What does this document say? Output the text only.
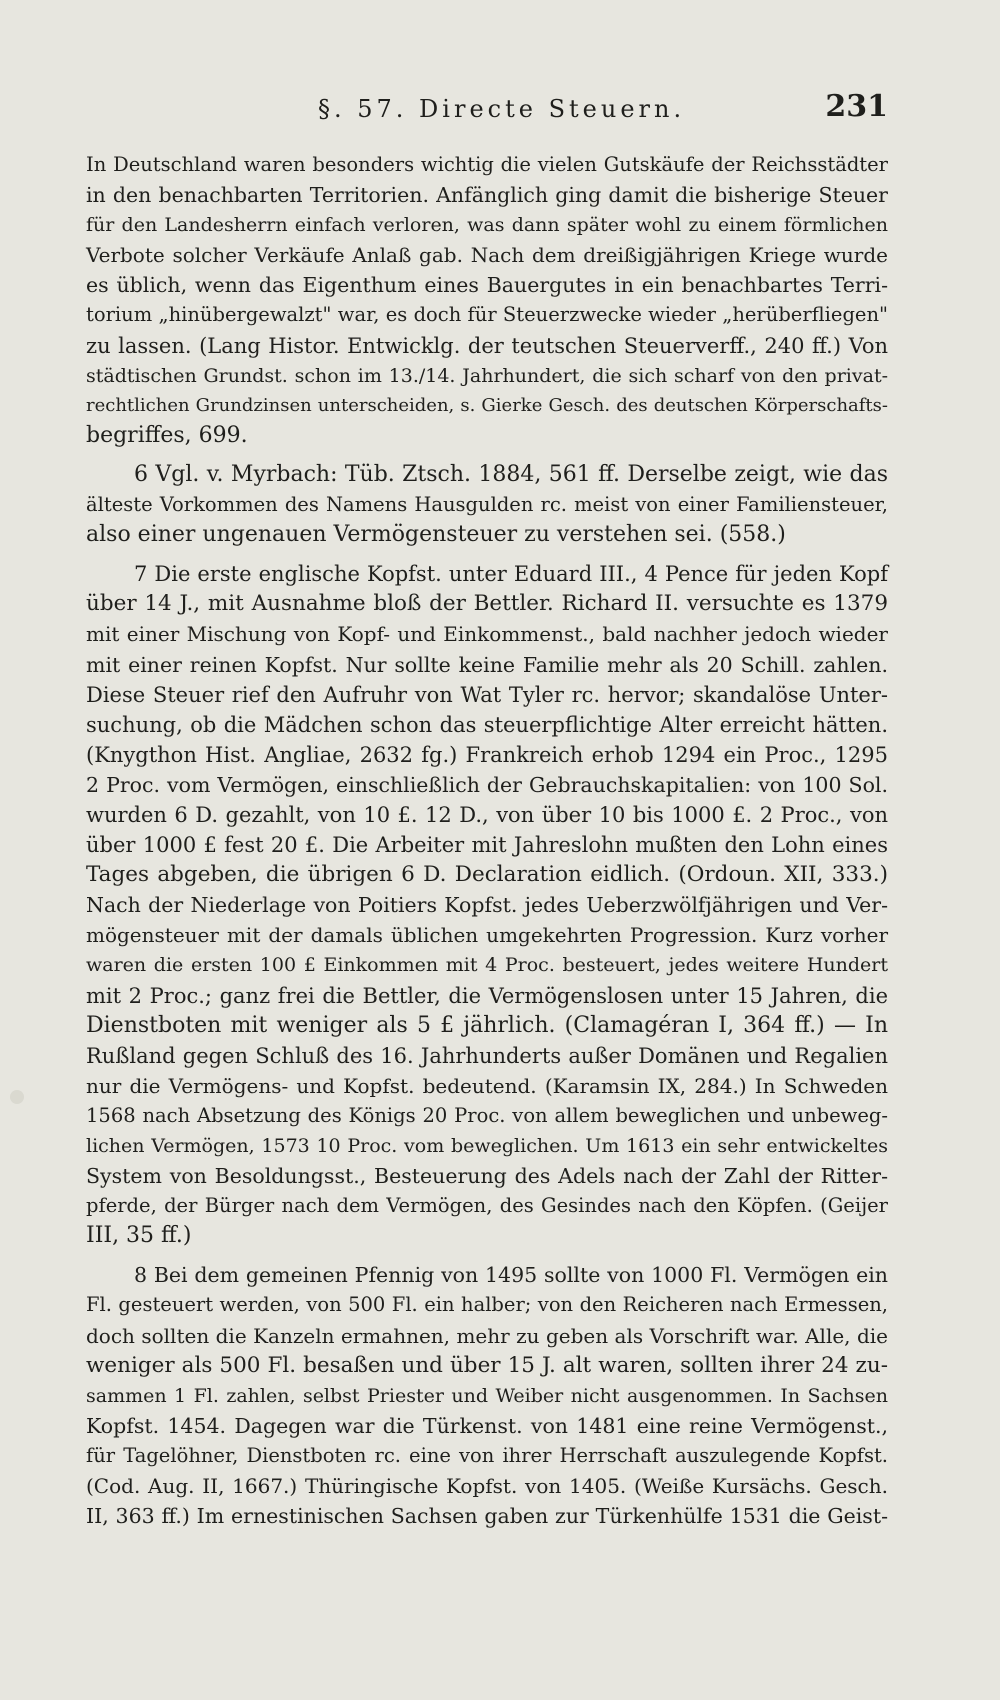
§. 57. Directe Steuern.	231
In Deutschland waren besonders wichtig die vielen Gutskäufe der Reichsstädter
in den benachbarten Territorien. Anfänglich ging damit die bisherige Steuer
für den Landesherrn einfach verloren, was dann später wohl zu einem förmlichen
Verbote solcher Verkäufe Anlaß gab. Nach dem dreißigjährigen Kriege wurde
es üblich, wenn das Eigenthum eines Bauergutes in ein benachbartes Terri-
torium „hinübergewalzt" war, es doch für Steuerzwecke wieder „herüberfliegen"
zu lassen. (Lang Histor. Entwicklg. der teutschen Steuerverff., 240 ff.) Von
städtischen Grundst. schon im 13./14. Jahrhundert, die sich scharf von den privat-
rechtlichen Grundzinsen unterscheiden, s. Gierke Gesch. des deutschen Körperschafts-
begriffes, 699.
6 Vgl. v. Myrbach: Tüb. Ztsch. 1884, 561 ff. Derselbe zeigt, wie das
älteste Vorkommen des Namens Hausgulden rc. meist von einer Familiensteuer,
also einer ungenauen Vermögensteuer zu verstehen sei. (558.)
7 Die erste englische Kopfst. unter Eduard III., 4 Pence für jeden Kopf
über 14 J., mit Ausnahme bloß der Bettler. Richard II. versuchte es 1379
mit einer Mischung von Kopf- und Einkommenst., bald nachher jedoch wieder
mit einer reinen Kopfst. Nur sollte keine Familie mehr als 20 Schill. zahlen.
Diese Steuer rief den Aufruhr von Wat Tyler rc. hervor; skandalöse Unter-
suchung, ob die Mädchen schon das steuerpflichtige Alter erreicht hätten.
(Knygthon Hist. Angliae, 2632 fg.) Frankreich erhob 1294 ein Proc., 1295
2 Proc. vom Vermögen, einschließlich der Gebrauchskapitalien: von 100 Sol.
wurden 6 D. gezahlt, von 10 £. 12 D., von über 10 bis 1000 £. 2 Proc., von
über 1000 £ fest 20 £. Die Arbeiter mit Jahreslohn mußten den Lohn eines
Tages abgeben, die übrigen 6 D. Declaration eidlich. (Ordoun. XII, 333.)
Nach der Niederlage von Poitiers Kopfst. jedes Ueberzwölfjährigen und Ver-
mögensteuer mit der damals üblichen umgekehrten Progression. Kurz vorher
waren die ersten 100 £ Einkommen mit 4 Proc. besteuert, jedes weitere Hundert
mit 2 Proc.; ganz frei die Bettler, die Vermögenslosen unter 15 Jahren, die
Dienstboten mit weniger als 5 £ jährlich. (Clamagéran I, 364 ff.) — In
Rußland gegen Schluß des 16. Jahrhunderts außer Domänen und Regalien
nur die Vermögens- und Kopfst. bedeutend. (Karamsin IX, 284.) In Schweden
1568 nach Absetzung des Königs 20 Proc. von allem beweglichen und unbeweg-
lichen Vermögen, 1573 10 Proc. vom beweglichen. Um 1613 ein sehr entwickeltes
System von Besoldungsst., Besteuerung des Adels nach der Zahl der Ritter-
pferde, der Bürger nach dem Vermögen, des Gesindes nach den Köpfen. (Geijer
III, 35 ff.)
8 Bei dem gemeinen Pfennig von 1495 sollte von 1000 Fl. Vermögen ein
Fl. gesteuert werden, von 500 Fl. ein halber; von den Reicheren nach Ermessen,
doch sollten die Kanzeln ermahnen, mehr zu geben als Vorschrift war. Alle, die
weniger als 500 Fl. besaßen und über 15 J. alt waren, sollten ihrer 24 zu-
sammen 1 Fl. zahlen, selbst Priester und Weiber nicht ausgenommen. In Sachsen
Kopfst. 1454. Dagegen war die Türkenst. von 1481 eine reine Vermögenst.,
für Tagelöhner, Dienstboten rc. eine von ihrer Herrschaft auszulegende Kopfst.
(Cod. Aug. II, 1667.) Thüringische Kopfst. von 1405. (Weiße Kursächs. Gesch.
II, 363 ff.) Im ernestinischen Sachsen gaben zur Türkenhülfe 1531 die Geist-
